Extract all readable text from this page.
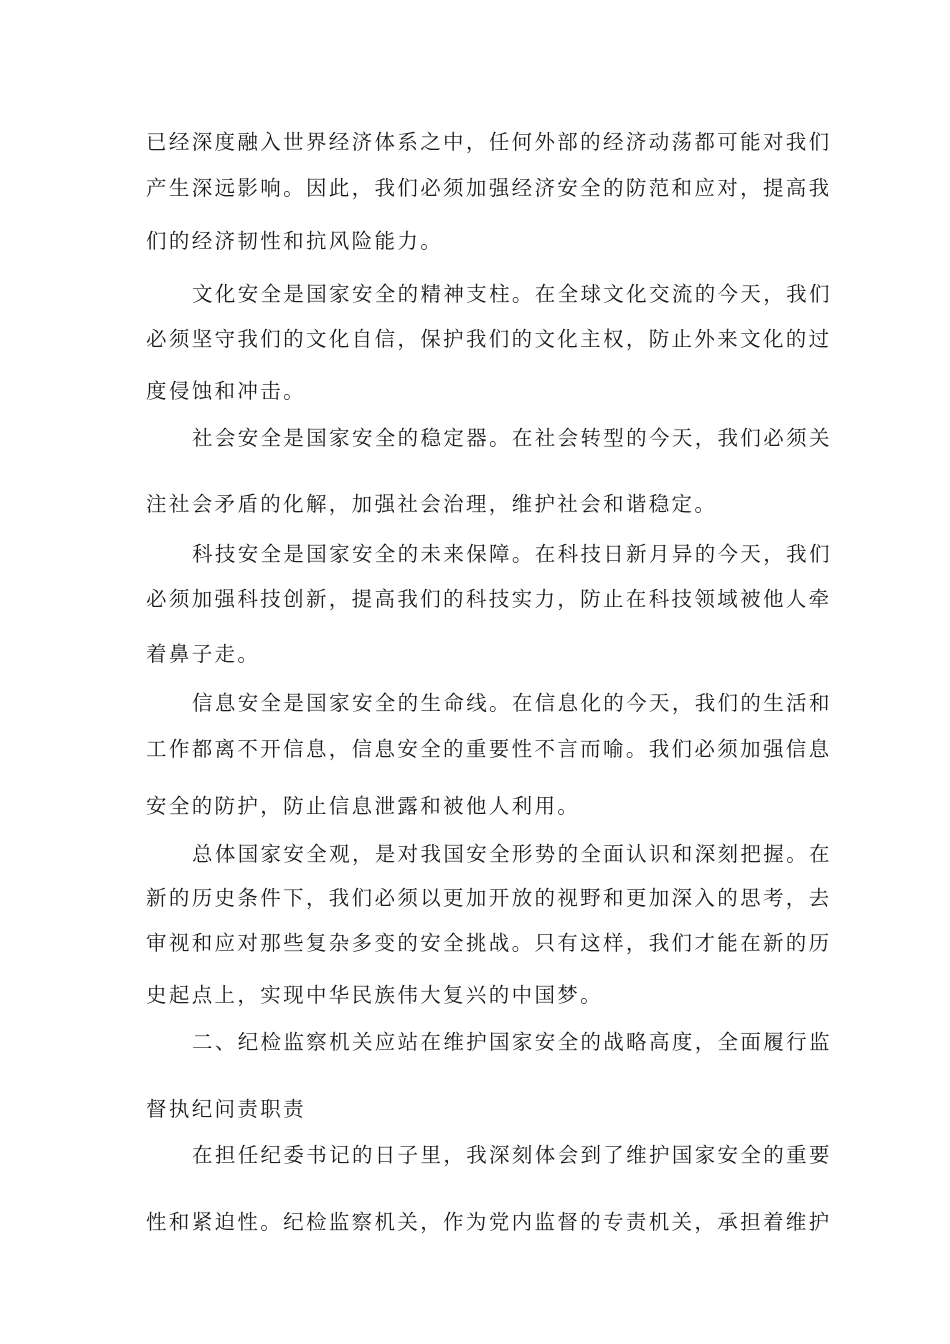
已经深度融入世界经济体系之中，任何外部的经济动荡都可能对我们
产生深远影响。因此，我们必须加强经济安全的防范和应对，提高我
们的经济韧性和抗风险能力。
文化安全是国家安全的精神支柱。在全球文化交流的今天，我们
必须坚守我们的文化自信，保护我们的文化主权，防止外来文化的过
度侵蚀和冲击。
社会安全是国家安全的稳定器。在社会转型的今天，我们必须关
注社会矛盾的化解，加强社会治理，维护社会和谐稳定。
科技安全是国家安全的未来保障。在科技日新月异的今天，我们
必须加强科技创新，提高我们的科技实力，防止在科技领域被他人牵
着鼻子走。
信息安全是国家安全的生命线。在信息化的今天，我们的生活和
工作都离不开信息，信息安全的重要性不言而喻。我们必须加强信息
安全的防护，防止信息泄露和被他人利用。
总体国家安全观，是对我国安全形势的全面认识和深刻把握。在
新的历史条件下，我们必须以更加开放的视野和更加深入的思考，去
审视和应对那些复杂多变的安全挑战。只有这样，我们才能在新的历
史起点上，实现中华民族伟大复兴的中国梦。
二、纪检监察机关应站在维护国家安全的战略高度，全面履行监
督执纪问责职责
在担任纪委书记的日子里，我深刻体会到了维护国家安全的重要
性和紧迫性。纪检监察机关，作为党内监督的专责机关，承担着维护
